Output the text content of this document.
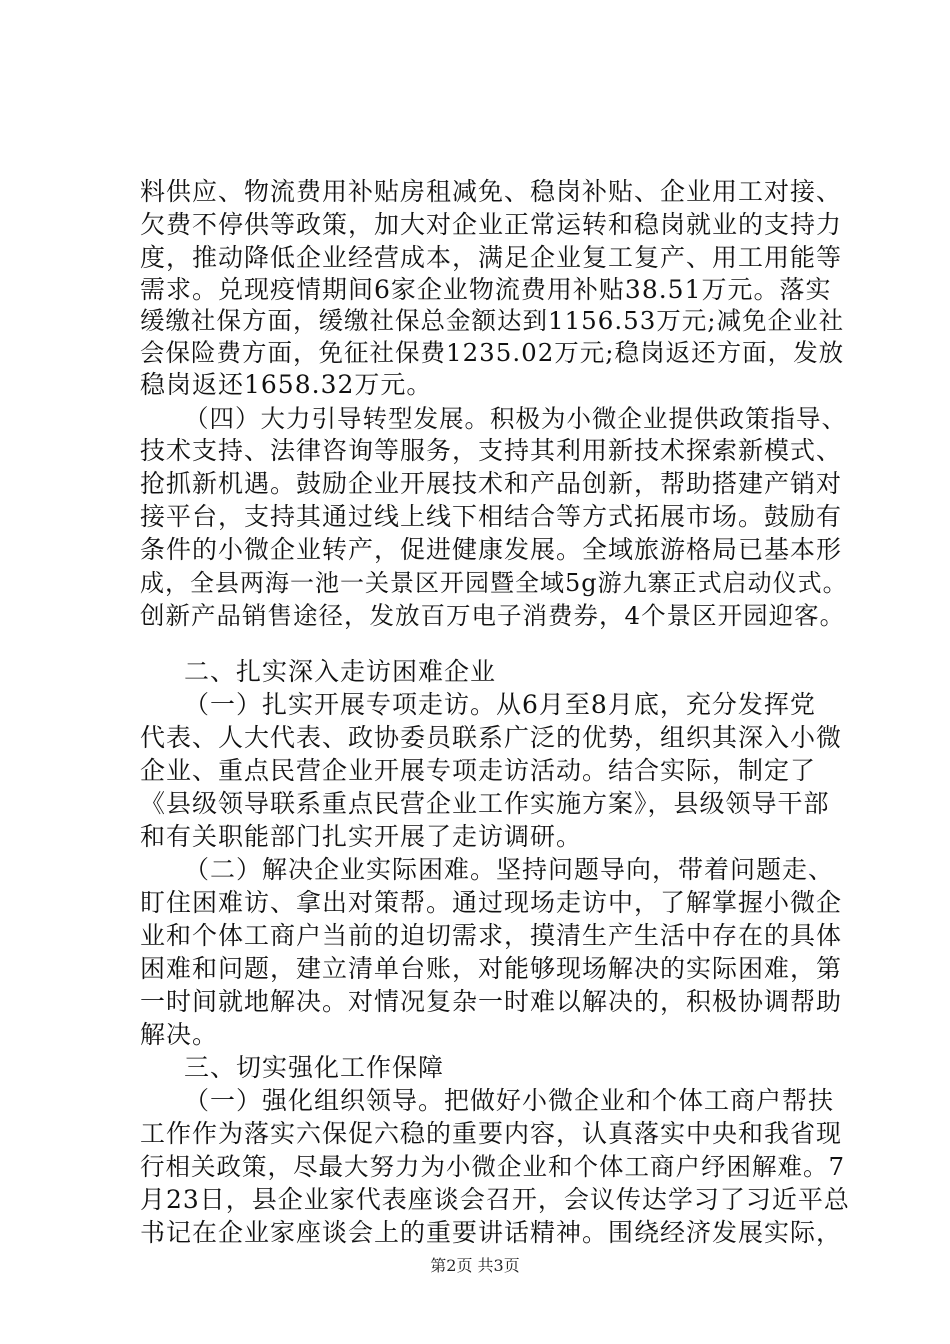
料供应、物流费用补贴房租减免、稳岗补贴、企业用工对接、
欠费不停供等政策，加大对企业正常运转和稳岗就业的支持力
度，推动降低企业经营成本，满足企业复工复产、用工用能等
需求。兑现疫情期间6家企业物流费用补贴38.51万元。落实
缓缴社保方面，缓缴社保总金额达到1156.53万元;减免企业社
会保险费方面，免征社保费1235.02万元;稳岗返还方面，发放
稳岗返还1658.32万元。
（四）大力引导转型发展。积极为小微企业提供政策指导、
技术支持、法律咨询等服务，支持其利用新技术探索新模式、
抢抓新机遇。鼓励企业开展技术和产品创新，帮助搭建产销对
接平台，支持其通过线上线下相结合等方式拓展市场。鼓励有
条件的小微企业转产，促进健康发展。全域旅游格局已基本形
成，全县两海一池一关景区开园暨全域5g游九寨正式启动仪式。
创新产品销售途径，发放百万电子消费券，4个景区开园迎客。
二、扎实深入走访困难企业
（一）扎实开展专项走访。从6月至8月底，充分发挥党
代表、人大代表、政协委员联系广泛的优势，组织其深入小微
企业、重点民营企业开展专项走访活动。结合实际，制定了
《县级领导联系重点民营企业工作实施方案》，县级领导干部
和有关职能部门扎实开展了走访调研。
（二）解决企业实际困难。坚持问题导向，带着问题走、
盯住困难访、拿出对策帮。通过现场走访中，了解掌握小微企
业和个体工商户当前的迫切需求，摸清生产生活中存在的具体
困难和问题，建立清单台账，对能够现场解决的实际困难，第
一时间就地解决。对情况复杂一时难以解决的，积极协调帮助
解决。
三、切实强化工作保障
（一）强化组织领导。把做好小微企业和个体工商户帮扶
工作作为落实六保促六稳的重要内容，认真落实中央和我省现
行相关政策，尽最大努力为小微企业和个体工商户纾困解难。7
月23日，县企业家代表座谈会召开，会议传达学习了习近平总
书记在企业家座谈会上的重要讲话精神。围绕经济发展实际，
第2页 共3页
